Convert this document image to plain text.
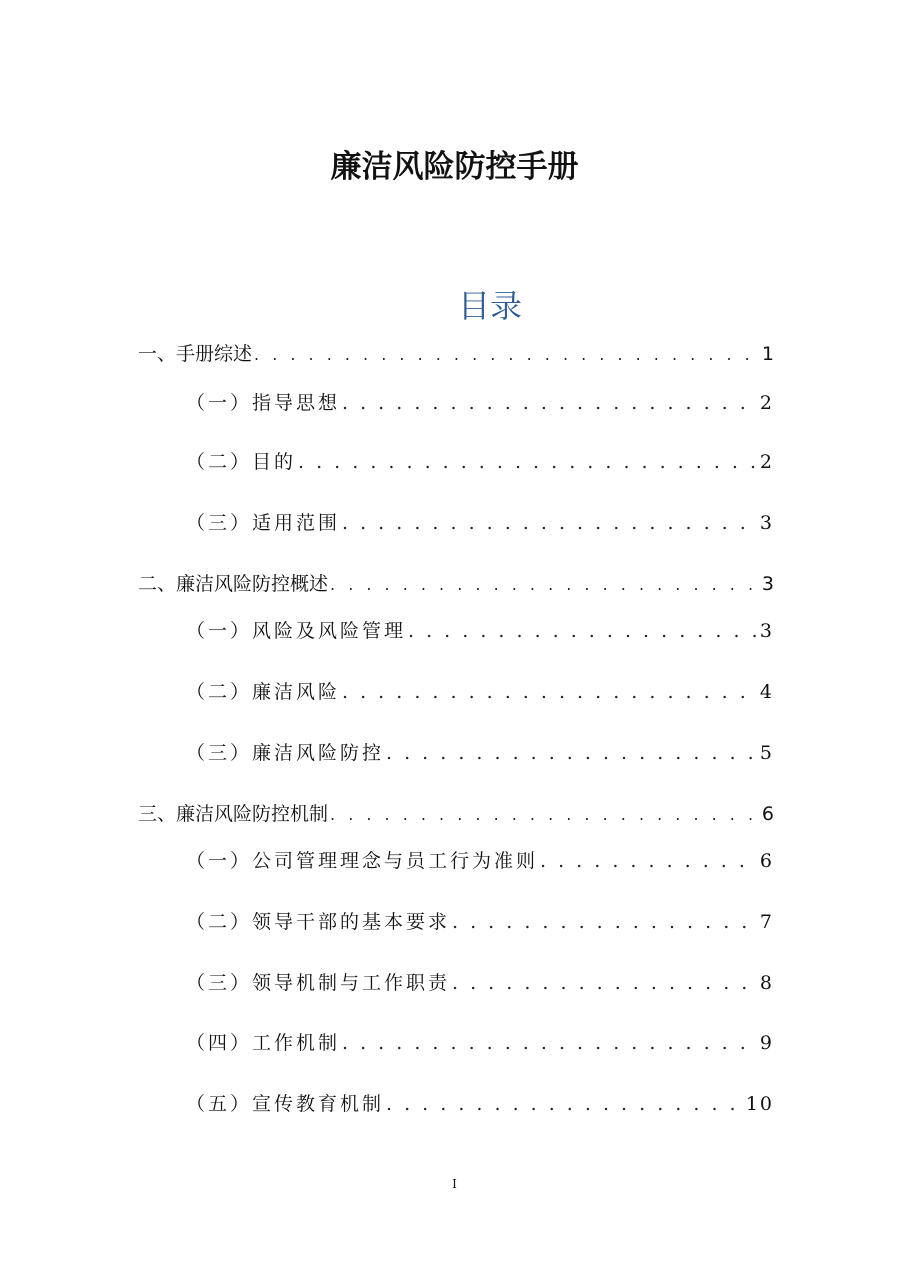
廉洁风险防控手册
目录
一、手册综述 . . .	1
（一）指导思想 . . .	2
（二）目的 . . .	2
（三）适用范围 . . .	3
二、廉洁风险防控概述 . . .	3
（一）风险及风险管理 . . .	3
（二）廉洁风险 . . .	4
（三）廉洁风险防控 . . .	5
三、廉洁风险防控机制 . . .	6
（一）公司管理理念与员工行为准则 . . .	6
（二）领导干部的基本要求 . . .	7
（三）领导机制与工作职责 . . .	8
（四）工作机制 . . .	9
（五）宣传教育机制 . . .	10
I
